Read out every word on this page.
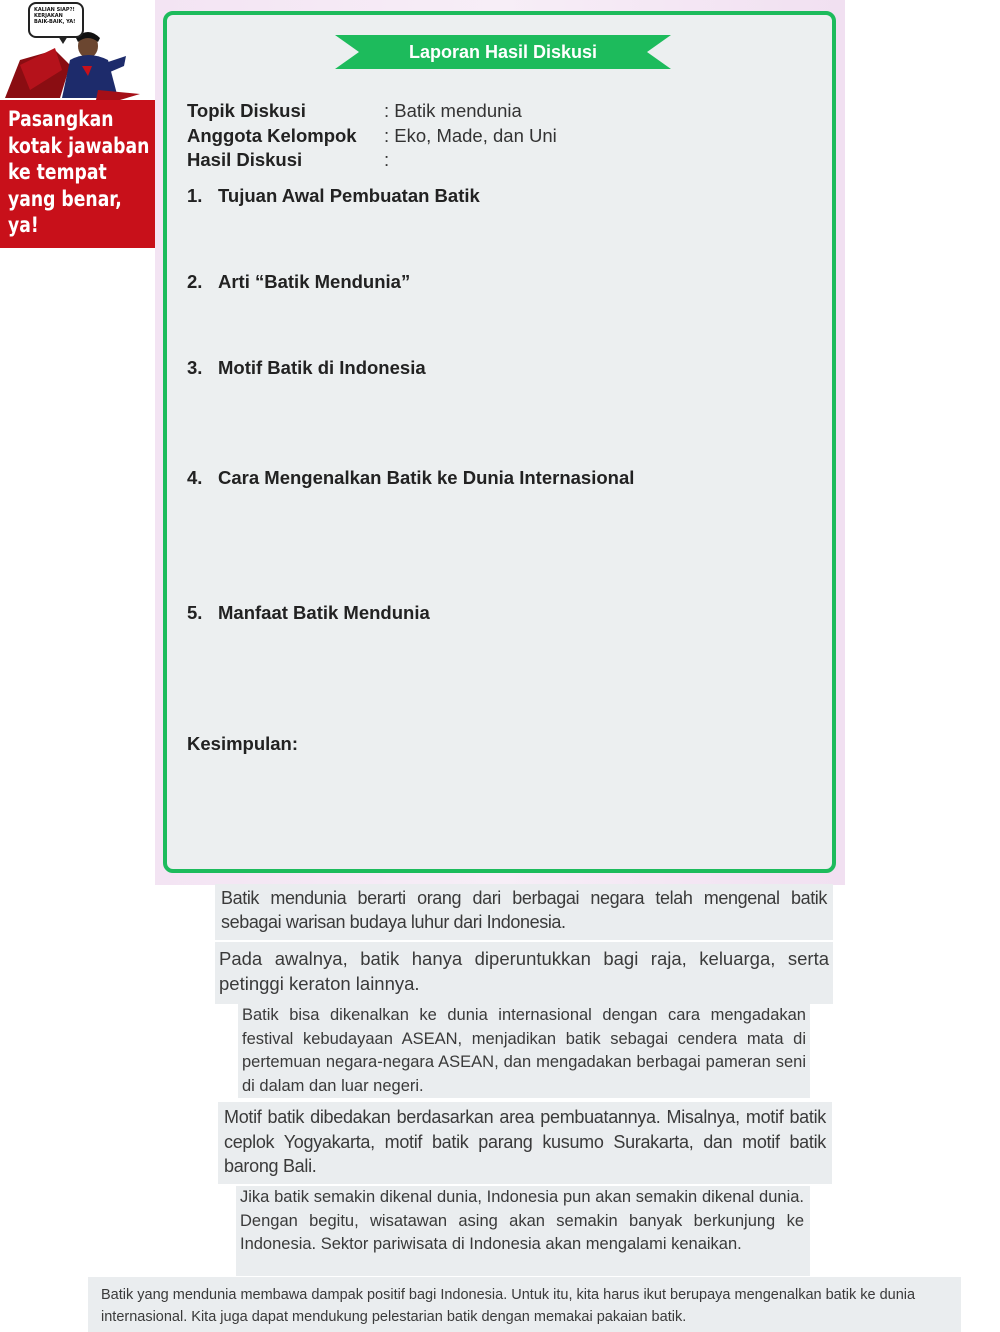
KALIAN SIAP?! KERJAKAN BAIK-BAIK, YA!
Pasangkan
kotak jawaban
ke tempat
yang benar,
ya!
Laporan Hasil Diskusi
Topik Diskusi	: Batik mendunia
Anggota Kelompok : Eko, Made, dan Uni
Hasil Diskusi	:
1. Tujuan Awal Pembuatan Batik
2. Arti “Batik Mendunia”
3. Motif Batik di Indonesia
4. Cara Mengenalkan Batik ke Dunia Internasional
5. Manfaat Batik Mendunia
Kesimpulan:

Batik mendunia berarti orang dari berbagai negara telah mengenal batik sebagai warisan budaya luhur dari Indonesia.

Pada awalnya, batik hanya diperuntukkan bagi raja, keluarga, serta petinggi keraton lainnya.

Batik bisa dikenalkan ke dunia internasional dengan cara mengadakan festival kebudayaan ASEAN, menjadikan batik sebagai cendera mata di pertemuan negara-negara ASEAN, dan mengadakan berbagai pameran seni di dalam dan luar negeri.

Motif batik dibedakan berdasarkan area pembuatannya. Misalnya, motif batik ceplok Yogyakarta, motif batik parang kusumo Surakarta, dan motif batik barong Bali.

Jika batik semakin dikenal dunia, Indonesia pun akan semakin dikenal dunia. Dengan begitu, wisatawan asing akan semakin banyak berkunjung ke Indonesia. Sektor pariwisata di Indonesia akan mengalami kenaikan.

Batik yang mendunia membawa dampak positif bagi Indonesia. Untuk itu, kita harus ikut berupaya mengenalkan batik ke dunia internasional. Kita juga dapat mendukung pelestarian batik dengan memakai pakaian batik.
